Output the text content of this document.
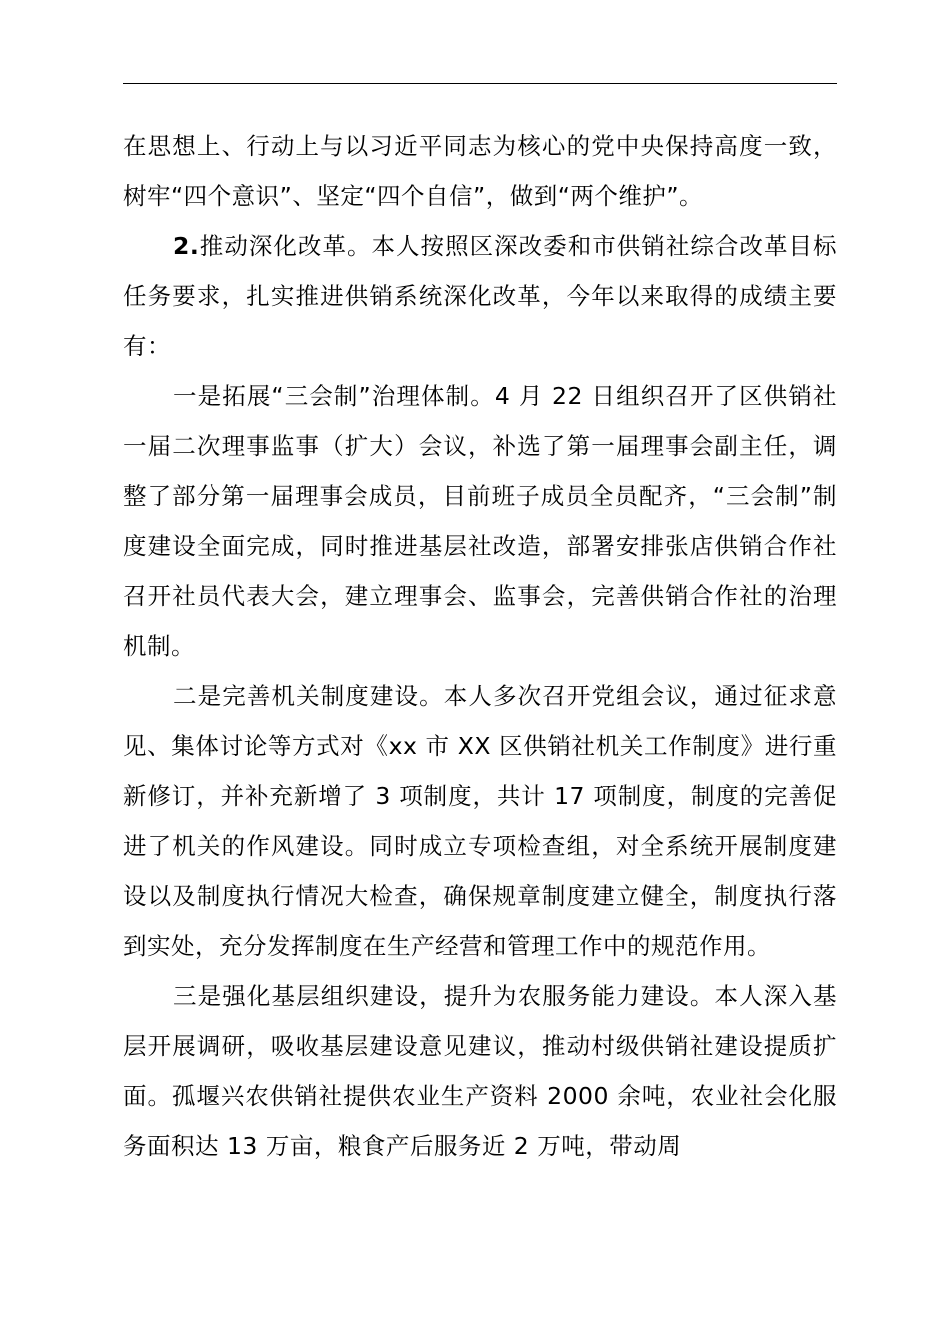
在思想上、行动上与以习近平同志为核心的党中央保持高度一致，树牢“四个意识”、坚定“四个自信”，做到“两个维护”。

2.推动深化改革。本人按照区深改委和市供销社综合改革目标任务要求，扎实推进供销系统深化改革，今年以来取得的成绩主要有：

一是拓展“三会制”治理体制。4 月 22 日组织召开了区供销社一届二次理事监事（扩大）会议，补选了第一届理事会副主任，调整了部分第一届理事会成员，目前班子成员全员配齐，“三会制”制度建设全面完成，同时推进基层社改造，部署安排张店供销合作社召开社员代表大会，建立理事会、监事会，完善供销合作社的治理机制。

二是完善机关制度建设。本人多次召开党组会议，通过征求意见、集体讨论等方式对《xx 市 XX 区供销社机关工作制度》进行重新修订，并补充新增了 3 项制度，共计 17 项制度，制度的完善促进了机关的作风建设。同时成立专项检查组，对全系统开展制度建设以及制度执行情况大检查，确保规章制度建立健全，制度执行落到实处，充分发挥制度在生产经营和管理工作中的规范作用。

三是强化基层组织建设，提升为农服务能力建设。本人深入基层开展调研，吸收基层建设意见建议，推动村级供销社建设提质扩面。孤堰兴农供销社提供农业生产资料 2000 余吨，农业社会化服务面积达 13 万亩，粮食产后服务近 2 万吨，带动周
